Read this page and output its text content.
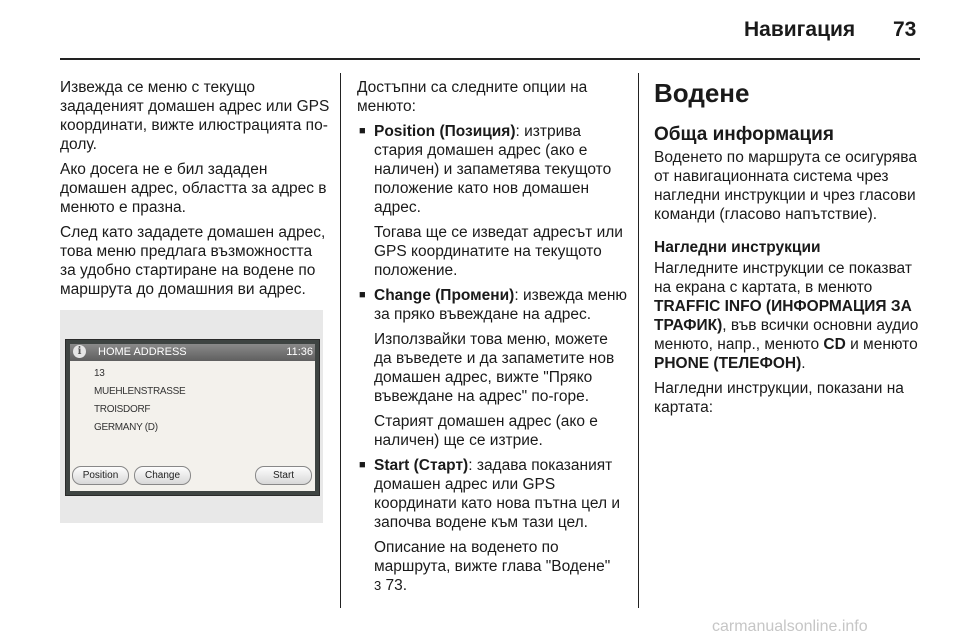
Навигация 73

Извежда се меню с текущо зададеният домашен адрес или GPS координати, вижте илюстрацията по-долу.

Ако досега не е бил зададен домашен адрес, областта за адрес в менюто е празна.

След като зададете домашен адрес, това меню предлага възможността за удобно стартиране на водене по маршрута до домашния ви адрес.

i	HOME ADDRESS	11:36
13
MUEHLENSTRASSE
TROISDORF
GERMANY (D)
Position	Change	Start

Достъпни са следните опции на менюто:

■ Position (Позиция): изтрива стария домашен адрес (ако е наличен) и запаметява текущото положение като нов домашен адрес.

Тогава ще се изведат адресът или GPS координатите на текущото положение.

■ Change (Промени): извежда меню за пряко въвеждане на адрес.

Използвайки това меню, можете да въведете и да запаметите нов домашен адрес, вижте "Пряко въвеждане на адрес" по-горе.

Старият домашен адрес (ако е наличен) ще се изтрие.

■ Start (Старт): задава показаният домашен адрес или GPS координати като нова пътна цел и започва водене към тази цел.

Описание на воденето по маршрута, вижте глава "Водене"
3 73.

Водене
Обща информация

Воденето по маршрута се осигурява от навигационната система чрез нагледни инструкции и чрез гласови команди (гласово напътствие).

Нагледни инструкции

Нагледните инструкции се показват на екрана с картата, в менюто TRAFFIC INFO (ИНФОРМАЦИЯ ЗА ТРАФИК), във всички основни аудио менюто, напр., менюто CD и менюто PHONE (ТЕЛЕФОН).

Нагледни инструкции, показани на картата:

carmanualsonline.info
